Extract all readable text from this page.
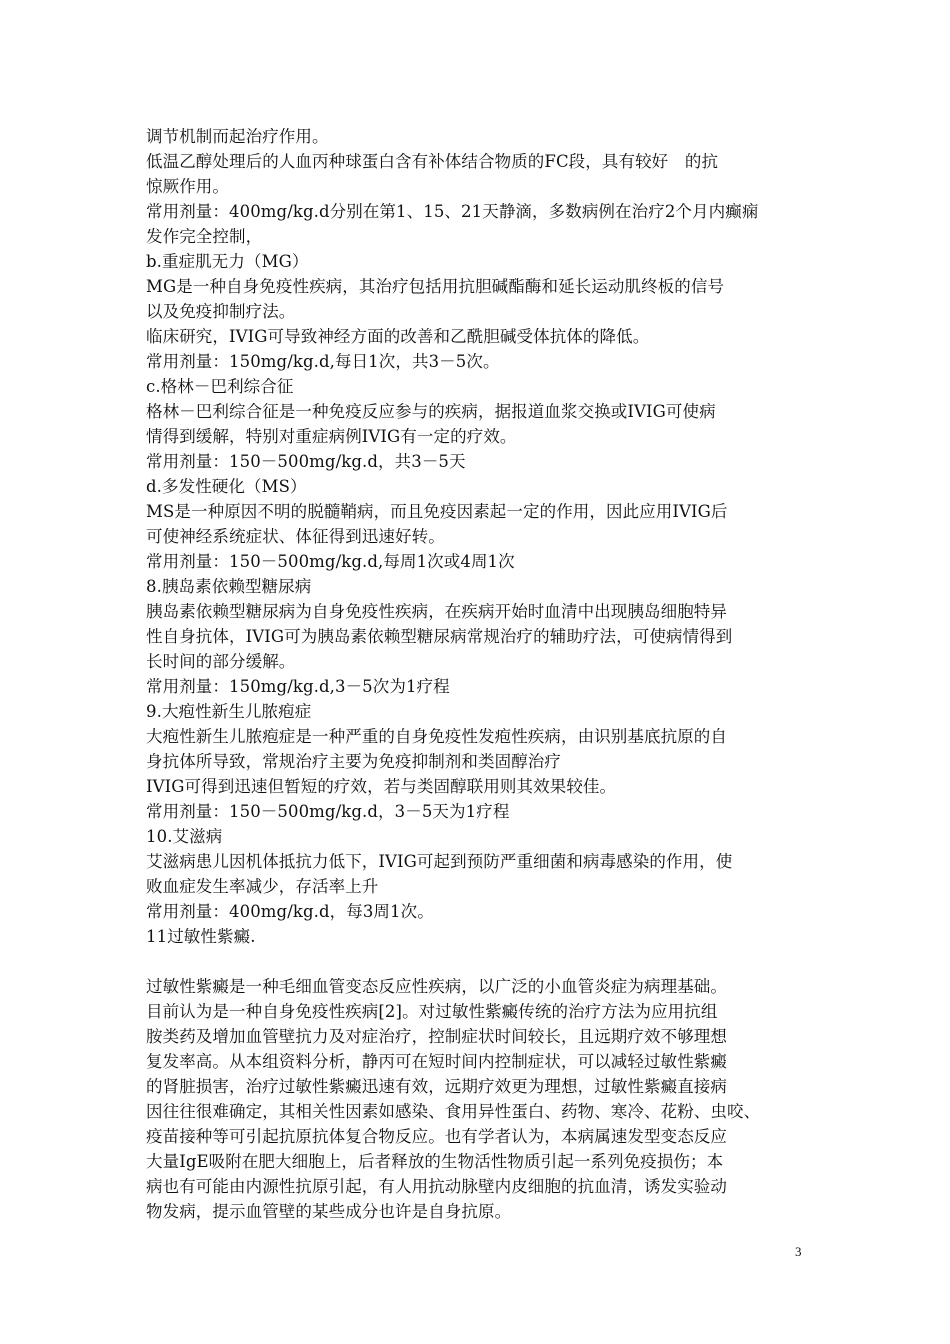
调节机制而起治疗作用。
低温乙醇处理后的人血丙种球蛋白含有补体结合物质的FC段，具有较好　的抗
惊厥作用。
常用剂量：400mg/kg.d分别在第1、15、21天静滴，多数病例在治疗2个月内癫痫
发作完全控制，
b.重症肌无力（MG）
MG是一种自身免疫性疾病，其治疗包括用抗胆碱酯酶和延长运动肌终板的信号
以及免疫抑制疗法。
临床研究，IVIG可导致神经方面的改善和乙酰胆碱受体抗体的降低。
常用剂量：150mg/kg.d,每日1次，共3－5次。
c.格林－巴利综合征
格林－巴利综合征是一种免疫反应参与的疾病，据报道血浆交换或IVIG可使病
情得到缓解，特别对重症病例IVIG有一定的疗效。
常用剂量：150－500mg/kg.d，共3－5天
d.多发性硬化（MS）
MS是一种原因不明的脱髓鞘病，而且免疫因素起一定的作用，因此应用IVIG后
可使神经系统症状、体征得到迅速好转。
常用剂量：150－500mg/kg.d,每周1次或4周1次
8.胰岛素依赖型糖尿病
胰岛素依赖型糖尿病为自身免疫性疾病，在疾病开始时血清中出现胰岛细胞特异
性自身抗体，IVIG可为胰岛素依赖型糖尿病常规治疗的辅助疗法，可使病情得到
长时间的部分缓解。
常用剂量：150mg/kg.d,3－5次为1疗程
9.大疱性新生儿脓疱症
大疱性新生儿脓疱症是一种严重的自身免疫性发疱性疾病，由识别基底抗原的自
身抗体所导致，常规治疗主要为免疫抑制剂和类固醇治疗
IVIG可得到迅速但暂短的疗效，若与类固醇联用则其效果较佳。
常用剂量：150－500mg/kg.d，3－5天为1疗程
10.艾滋病
艾滋病患儿因机体抵抗力低下，IVIG可起到预防严重细菌和病毒感染的作用，使
败血症发生率减少，存活率上升
常用剂量：400mg/kg.d，每3周1次。
11过敏性紫癜.
过敏性紫癜是一种毛细血管变态反应性疾病，以广泛的小血管炎症为病理基础。
目前认为是一种自身免疫性疾病[2]。对过敏性紫癜传统的治疗方法为应用抗组
胺类药及增加血管壁抗力及对症治疗，控制症状时间较长，且远期疗效不够理想
复发率高。从本组资料分析，静丙可在短时间内控制症状，可以减轻过敏性紫癜
的肾脏损害，治疗过敏性紫癜迅速有效，远期疗效更为理想，过敏性紫癜直接病
因往往很难确定，其相关性因素如感染、食用异性蛋白、药物、寒冷、花粉、虫咬、
疫苗接种等可引起抗原抗体复合物反应。也有学者认为，本病属速发型变态反应
大量IgE吸附在肥大细胞上，后者释放的生物活性物质引起一系列免疫损伤；本
病也有可能由内源性抗原引起，有人用抗动脉壁内皮细胞的抗血清，诱发实验动
物发病，提示血管壁的某些成分也许是自身抗原。
3
